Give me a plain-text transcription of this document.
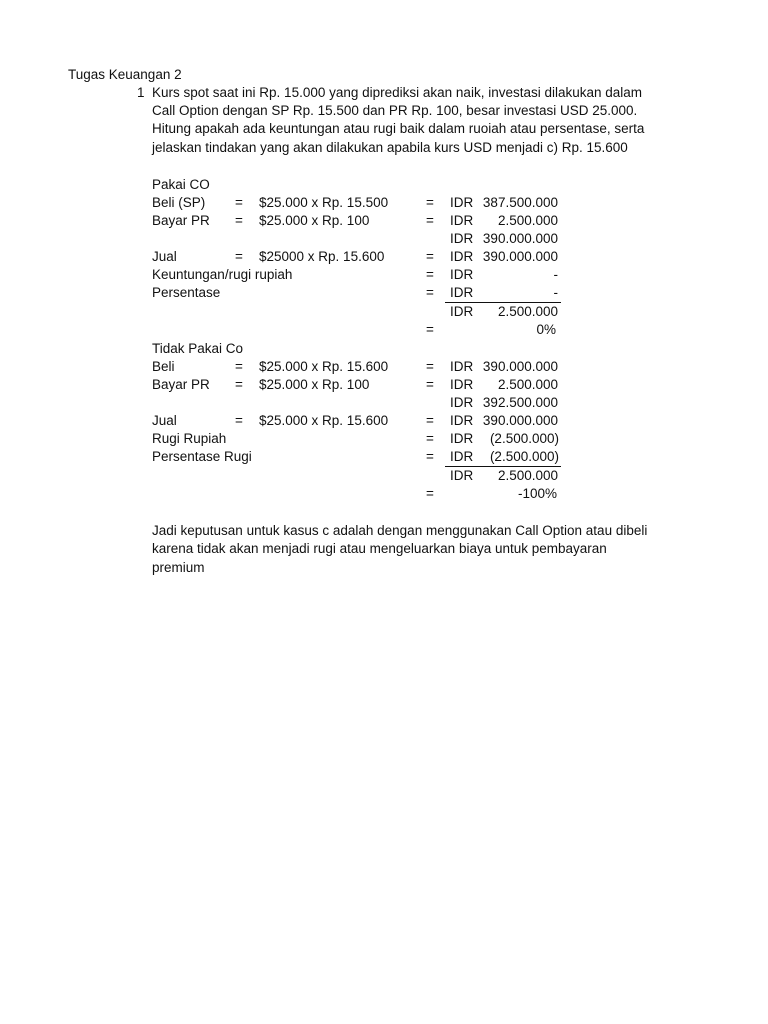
Tugas Keuangan 2
1 Kurs spot saat ini Rp. 15.000 yang diprediksi akan naik, investasi dilakukan dalam Call Option dengan SP Rp. 15.500 dan PR Rp. 100, besar investasi USD 25.000. Hitung apakah ada keuntungan atau rugi baik dalam ruoiah atau persentase, serta jelaskan tindakan yang akan dilakukan apabila kurs USD menjadi c) Rp. 15.600
Pakai CO
Beli (SP) = $25.000 x Rp. 15.500	= IDR 387.500.000
Bayar PR = $25.000 x Rp. 100	= IDR 2.500.000
IDR 390.000.000
Jual	= $25000 x Rp. 15.600	= IDR 390.000.000
Keuntungan/rugi rupiah	= IDR	-
Persentase	= IDR	-
IDR 2.500.000
=	0%
Tidak Pakai Co
Beli	= $25.000 x Rp. 15.600	= IDR 390.000.000
Bayar PR = $25.000 x Rp. 100	= IDR 2.500.000
IDR 392.500.000
Jual	= $25.000 x Rp. 15.600	= IDR 390.000.000
Rugi Rupiah	= IDR (2.500.000)
Persentase Rugi	= IDR (2.500.000)
IDR 2.500.000
=	-100%
Jadi keputusan untuk kasus c adalah dengan menggunakan Call Option atau dibeli karena tidak akan menjadi rugi atau mengeluarkan biaya untuk pembayaran premium
